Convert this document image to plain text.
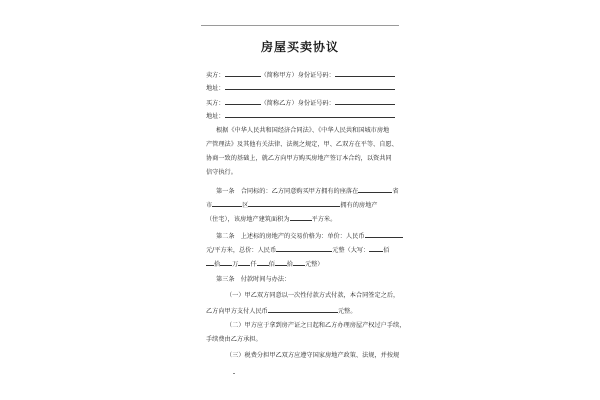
房屋买卖协议
卖方：	（简称甲方）身份证号码：
地址：
买方：	（简称乙方）身份证号码：
地址：
根据《中华人民共和国经济合同法》、《中华人民共和国城市房地
产管理法》及其他有关法律、法规之规定，甲、乙双方在平等、自愿、
协商一致的基础上，就乙方向甲方购买房地产签订本合约，以资共同
信守执行。
第一条　合同标的：乙方同意购买甲方拥有的座落在	省
市	区	拥有的房地产
（住宅），该房地产建筑面积为	平方米。
第二条　上述标的房地产的交易价格为：单价：人民币
元/平方米，总价：人民币	元整（大写： 佰
拾 万 仟 佰 拾 元整）
第三条　付款时间与办法：
（一）甲乙双方同意以一次性付款方式付款，本合同签定之后，
乙方向甲方支付人民币	元整。
（二）甲方应于拿到房产证之日起和乙方办理房屋产权过户手续，
手续费由乙方承担。
（三）税费分担甲乙双方应遵守国家房地产政策、法规，并按规
